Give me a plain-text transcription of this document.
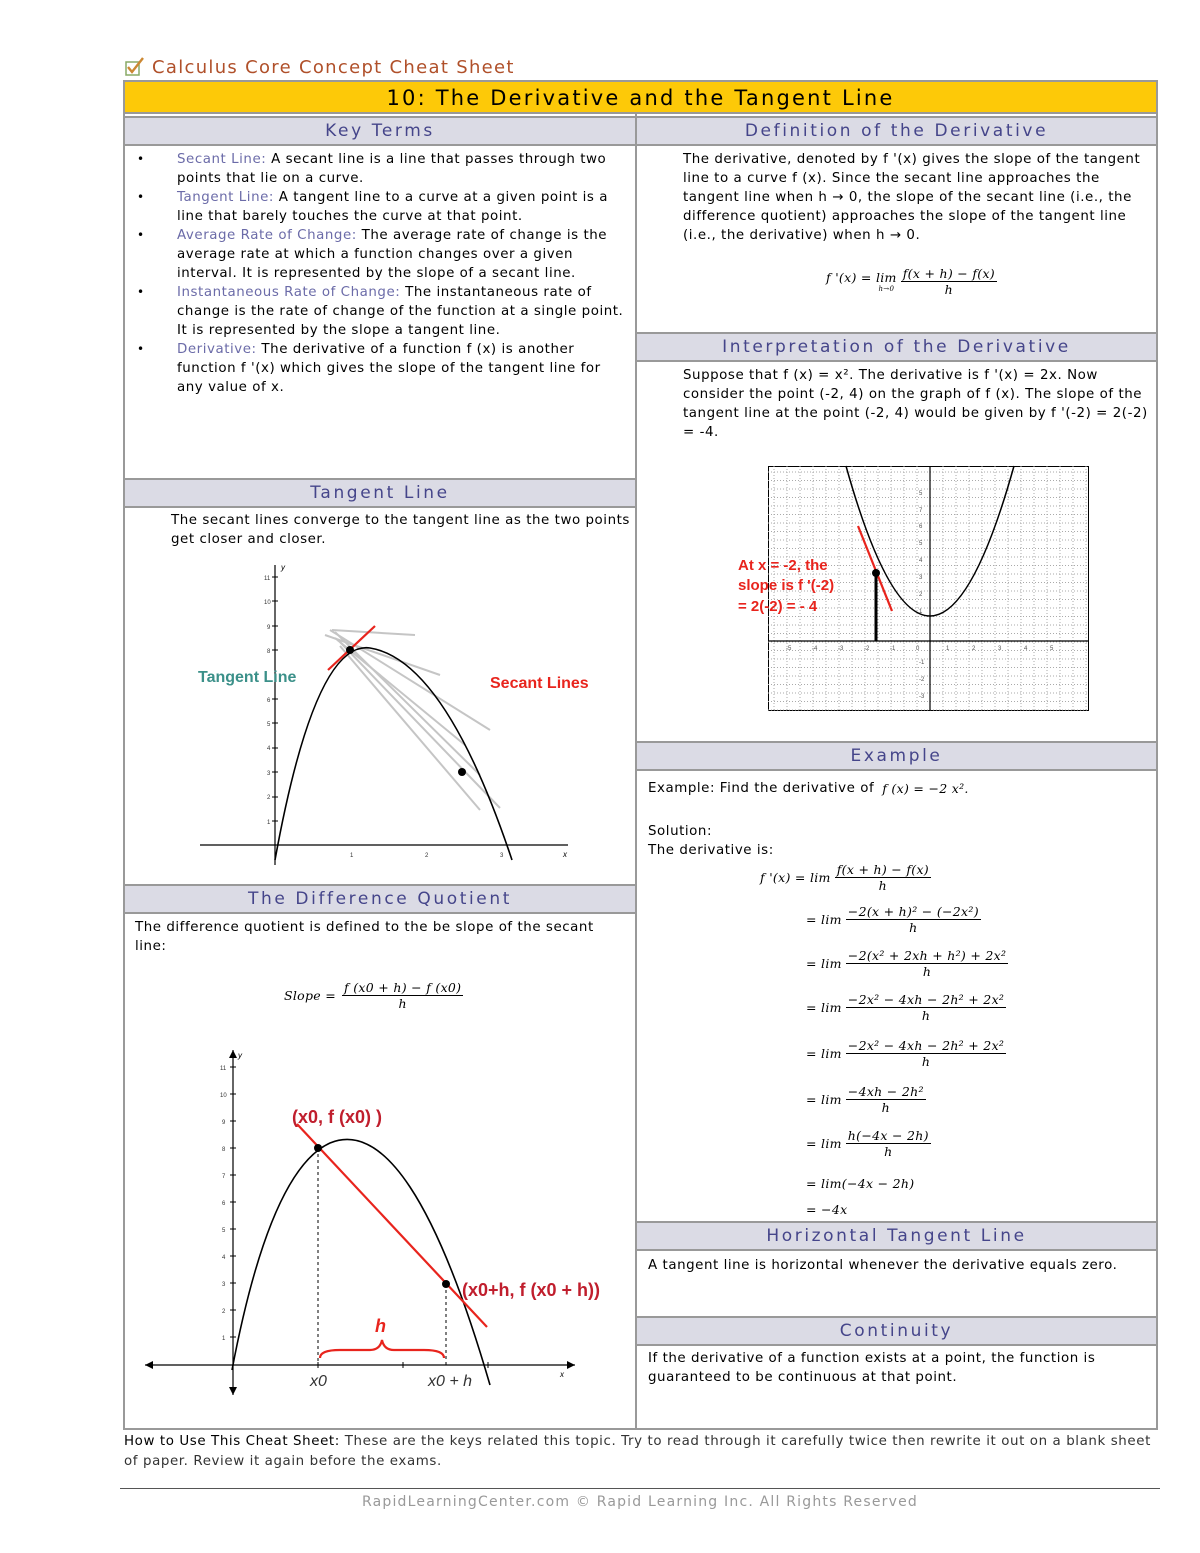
Calculus Core Concept Cheat Sheet
10: The Derivative and the Tangent Line
Key Terms
• Secant Line: A secant line is a line that passes through two points that lie on a curve.
• Tangent Line: A tangent line to a curve at a given point is a line that barely touches the curve at that point.
• Average Rate of Change: The average rate of change is the average rate at which a function changes over a given interval. It is represented by the slope of a secant line.
• Instantaneous Rate of Change: The instantaneous rate of change is the rate of change of the function at a single point. It is represented by the slope a tangent line.
• Derivative: The derivative of a function f (x) is another function f '(x) which gives the slope of the tangent line for any value of x.
Tangent Line
The secant lines converge to the tangent line as the two points get closer and closer.
y
x
11
10
9
8
6
5
4
3
2
1
1	2	3
Tangent Line	Secant Lines
The Difference Quotient
The difference quotient is defined to the be slope of the secant line:
Slope = $\frac{f (x0 + h) - f (x0)}{h}$
y
x
11
10
9
8
7
6
5
4
3
2
1
h
(x0, f (x0) )
(x0+h, f (x0 + h))
x0	x0 + h
Definition of the Derivative
The derivative, denoted by f '(x) gives the slope of the tangent line to a curve f (x). Since the secant line approaches the tangent line when h → 0, the slope of the secant line (i.e., the difference quotient) approaches the slope of the tangent line (i.e., the derivative) when h → 0.
f '(x) = lim
$h\to 0 \frac{f(x + h) - f(x)}{h}$
Interpretation of the Derivative
Suppose that f (x) = x². The derivative is f '(x) = 2x. Now consider the point (-2, 4) on the graph of f (x). The slope of the tangent line at the point (-2, 4) would be given by f '(-2) = 2(-2) = -4.
-5	-4	-3	-2	-1	0	1	2	3	4	5
5
7
6
5
4
3
2
1
-1
-2
-3
At x = -2, the
slope is f '(-2)
= 2(-2) = - 4
Example
Example: Find the derivative of f (x) = −2 x².
Solution:
The derivative is:
f '$(x) = \lim \frac{f(x + h) - f(x)}{h}$
= $\lim \frac{\text{−2(x + h)² − (−2x²)}}{h}$
= $\lim \frac{\text{−2(x² + 2xh + h²) + 2x²}}{h}$
= $\lim \frac{\text{−2x² − 4xh − 2h² + 2x²}}{h}$
= $\lim \frac{\text{−2x² − 4xh − 2h² + 2x²}}{h}$
= $\lim \frac{\text{−4xh − 2h²}}{h}$
= $\lim \frac{h(-4x - 2h)}{h}$
= lim(−4x − 2h)
= −4x
Horizontal Tangent Line
A tangent line is horizontal whenever the derivative equals zero.
Continuity
If the derivative of a function exists at a point, the function is guaranteed to be continuous at that point.
How to Use This Cheat Sheet: These are the keys related this topic. Try to read through it carefully twice then rewrite it out on a blank sheet of paper. Review it again before the exams.
RapidLearningCenter.com © Rapid Learning Inc. All Rights Reserved
